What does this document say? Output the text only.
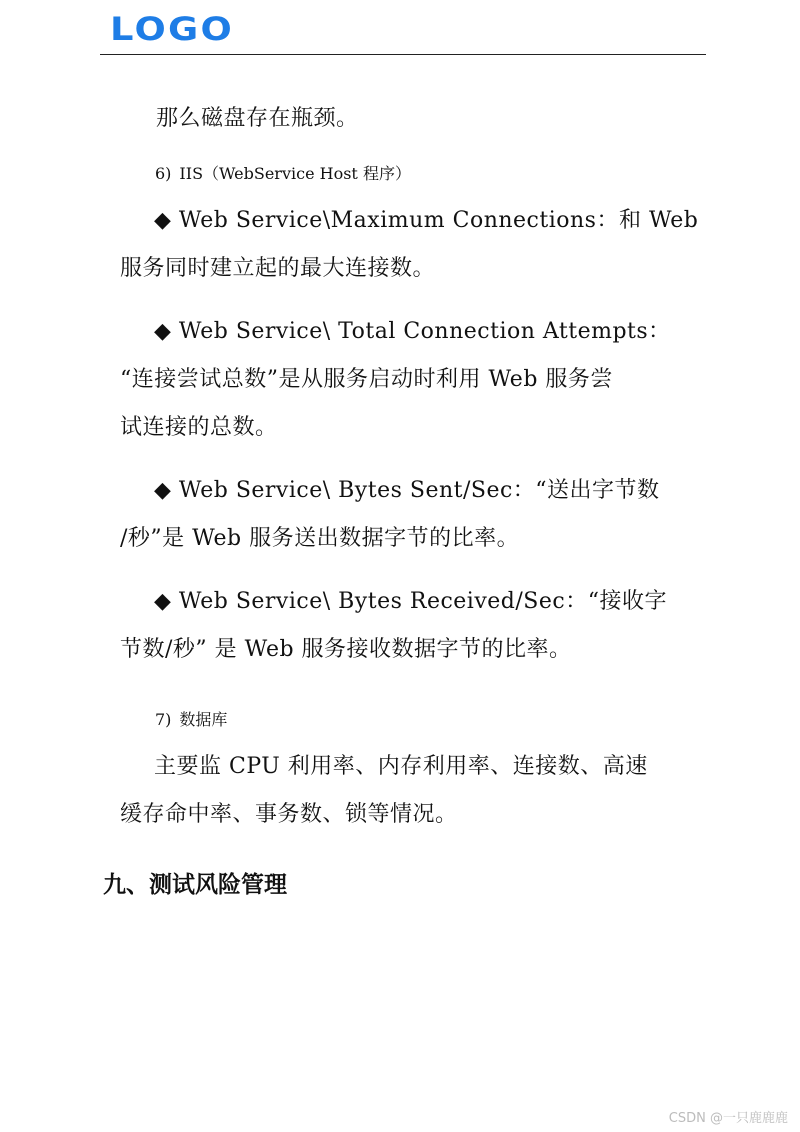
LOGO
那么磁盘存在瓶颈。
6) IIS（WebService Host 程序）
◆ Web Service\Maximum Connections：和 Web
服务同时建立起的最大连接数。
◆ Web Service\ Total Connection Attempts：
“连接尝试总数”是从服务启动时利用 Web 服务尝
试连接的总数。
◆ Web Service\ Bytes Sent/Sec：“送出字节数
/秒”是 Web 服务送出数据字节的比率。
◆ Web Service\ Bytes Received/Sec：“接收字
节数/秒” 是 Web 服务接收数据字节的比率。
7) 数据库
主要监 CPU 利用率、内存利用率、连接数、高速
缓存命中率、事务数、锁等情况。
九、测试风险管理
CSDN @一只鹿鹿鹿
